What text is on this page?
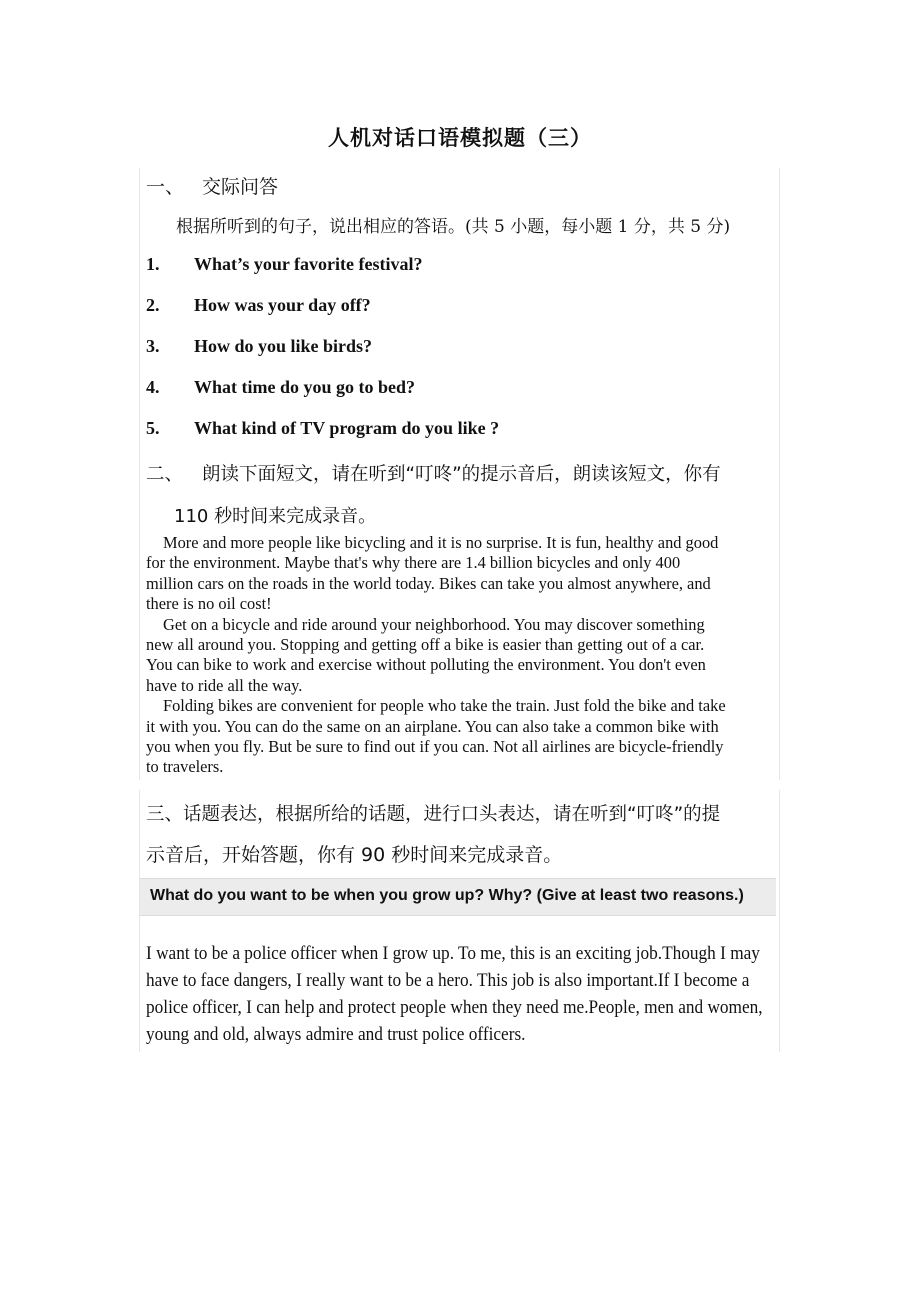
人机对话口语模拟题（三）
一、 交际问答
根据所听到的句子，说出相应的答语。(共 5 小题，每小题 1 分，共 5 分)
1. What’s your favorite festival?
2. How was your day off?
3. How do you like birds?
4. What time do you go to bed?
5. What kind of TV program do you like ?
二、 朗读下面短文，请在听到“叮咚”的提示音后，朗读该短文，你有
110 秒时间来完成录音。

More and more people like bicycling and it is no surprise. It is fun, healthy and good for the environment. Maybe that's why there are 1.4 billion bicycles and only 400 million cars on the roads in the world today. Bikes can take you almost anywhere, and there is no oil cost!

Get on a bicycle and ride around your neighborhood. You may discover something new all around you. Stopping and getting off a bike is easier than getting out of a car. You can bike to work and exercise without polluting the environment. You don't even have to ride all the way.

Folding bikes are convenient for people who take the train. Just fold the bike and take it with you. You can do the same on an airplane. You can also take a common bike with you when you fly. But be sure to find out if you can. Not all airlines are bicycle-friendly to travelers.

三、话题表达，根据所给的话题，进行口头表达，请在听到“叮咚”的提
示音后，开始答题，你有 90 秒时间来完成录音。
What do you want to be when you grow up? Why? (Give at least two reasons.)
I want to be a police officer when I grow up. To me, this is an exciting job.Though I may have to face dangers, I really want to be a hero. This job is also important.If I become a police officer, I can help and protect people when they need me.People, men and women, young and old, always admire and trust police officers.
